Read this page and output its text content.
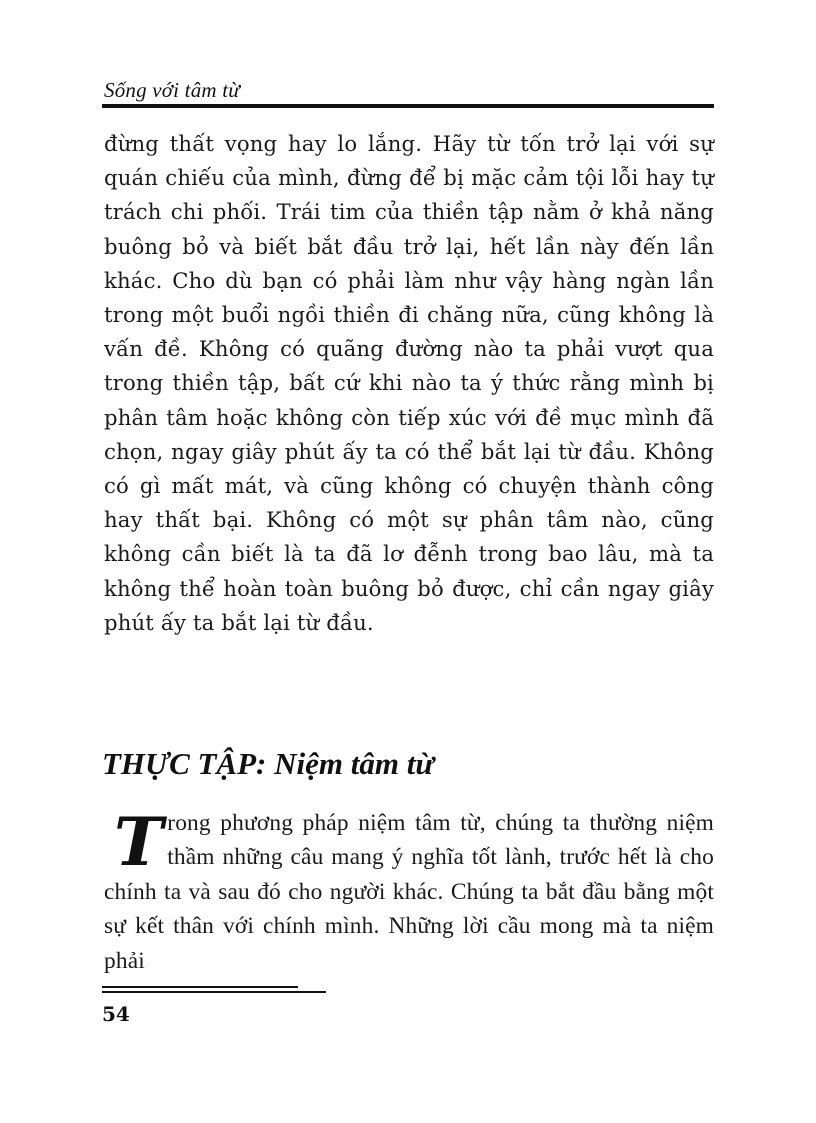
Sống với tâm từ

đừng thất vọng hay lo lắng. Hãy từ tốn trở lại với sự quán chiếu của mình, đừng để bị mặc cảm tội lỗi hay tự trách chi phối. Trái tim của thiền tập nằm ở khả năng buông bỏ và biết bắt đầu trở lại, hết lần này đến lần khác. Cho dù bạn có phải làm như vậy hàng ngàn lần trong một buổi ngồi thiền đi chăng nữa, cũng không là vấn đề. Không có quãng đường nào ta phải vượt qua trong thiền tập, bất cứ khi nào ta ý thức rằng mình bị phân tâm hoặc không còn tiếp xúc với đề mục mình đã chọn, ngay giây phút ấy ta có thể bắt lại từ đầu. Không có gì mất mát, và cũng không có chuyện thành công hay thất bại. Không có một sự phân tâm nào, cũng không cần biết là ta đã lơ đễnh trong bao lâu, mà ta không thể hoàn toàn buông bỏ được, chỉ cần ngay giây phút ấy ta bắt lại từ đầu.

THỰC TẬP: Niệm tâm từ

Trong phương pháp niệm tâm từ, chúng ta thường niệm thầm những câu mang ý nghĩa tốt lành, trước hết là cho chính ta và sau đó cho người khác. Chúng ta bắt đầu bằng một sự kết thân với chính mình. Những lời cầu mong mà ta niệm phải

54
